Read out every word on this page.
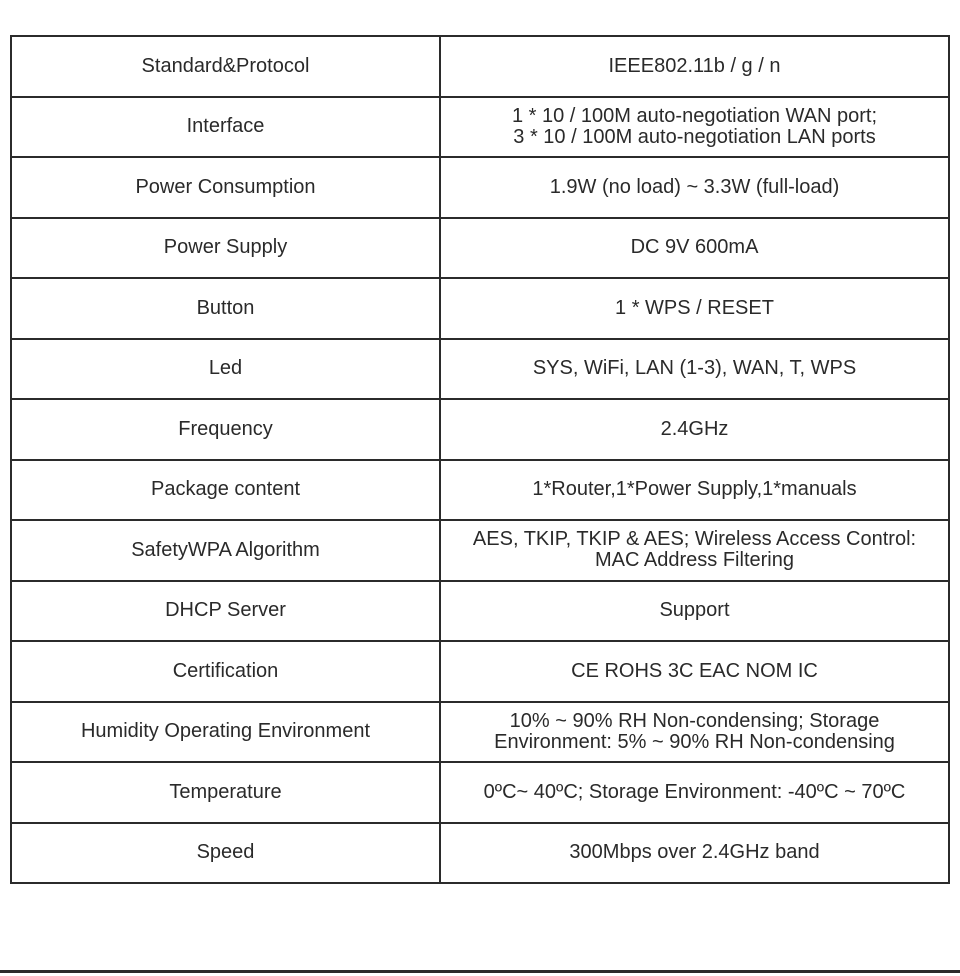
Standard&Protocol	IEEE802.11b / g / n

Interface	1 * 10 / 100M auto-negotiation WAN port;
3 * 10 / 100M auto-negotiation LAN ports

Power Consumption	1.9W (no load) ~ 3.3W (full-load)

Power Supply	DC 9V 600mA

Button	1 * WPS / RESET

Led	SYS, WiFi, LAN (1-3), WAN, T, WPS

Frequency	2.4GHz

Package content	1*Router,1*Power Supply,1*manuals

SafetyWPA Algorithm	AES, TKIP, TKIP & AES; Wireless Access Control:
MAC Address Filtering

DHCP Server	Support

Certification	CE ROHS 3C EAC NOM IC

Humidity Operating Environment	10% ~ 90% RH Non-condensing; Storage
Environment: 5% ~ 90% RH Non-condensing

Temperature	0ºC~ 40ºC; Storage Environment: -40ºC ~ 70ºC

Speed	300Mbps over 2.4GHz band
